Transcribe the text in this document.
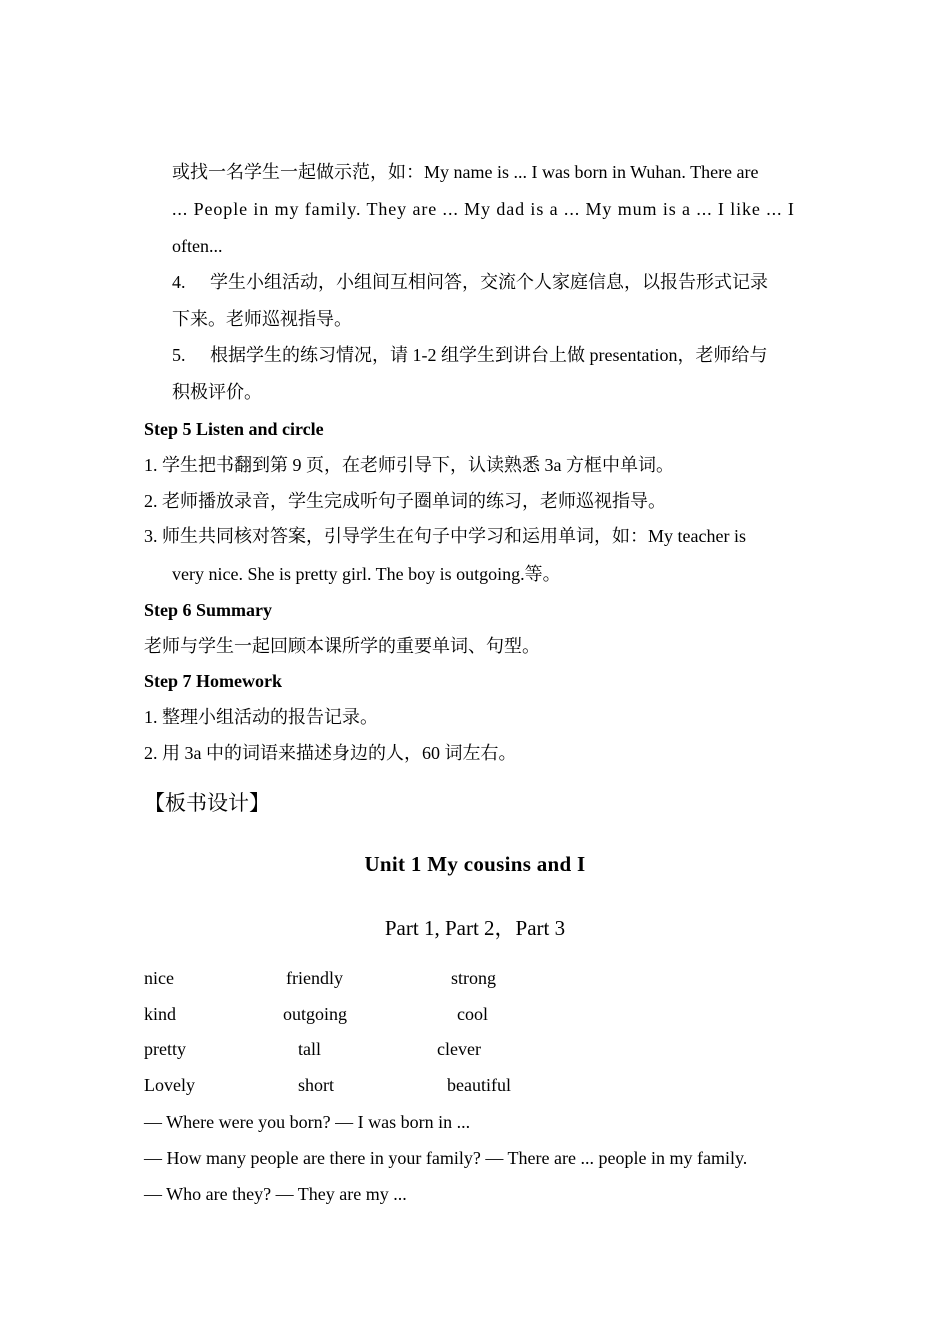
或找一名学生一起做示范，如：My name is ... I was born in Wuhan. There are
... People in my family. They are ... My dad is a ... My mum is a ... I like ... I
often...
4. 学生小组活动，小组间互相问答，交流个人家庭信息，以报告形式记录
下来。老师巡视指导。
5. 根据学生的练习情况，请 1-2 组学生到讲台上做 presentation，老师给与
积极评价。
Step 5 Listen and circle
1. 学生把书翻到第 9 页，在老师引导下，认读熟悉 3a 方框中单词。
2. 老师播放录音，学生完成听句子圈单词的练习，老师巡视指导。
3. 师生共同核对答案，引导学生在句子中学习和运用单词，如：My teacher is
very nice. She is pretty girl. The boy is outgoing.等。
Step 6 Summary
老师与学生一起回顾本课所学的重要单词、句型。
Step 7 Homework
1. 整理小组活动的报告记录。
2. 用 3a 中的词语来描述身边的人，60 词左右。
【板书设计】
Unit 1 My cousins and I
Part 1, Part 2，Part 3
nice	friendly	strong
kind	outgoing	cool
pretty	tall	clever
Lovely	short	beautiful
— Where were you born? — I was born in ...
— How many people are there in your family? — There are ... people in my family.
— Who are they? — They are my ...
